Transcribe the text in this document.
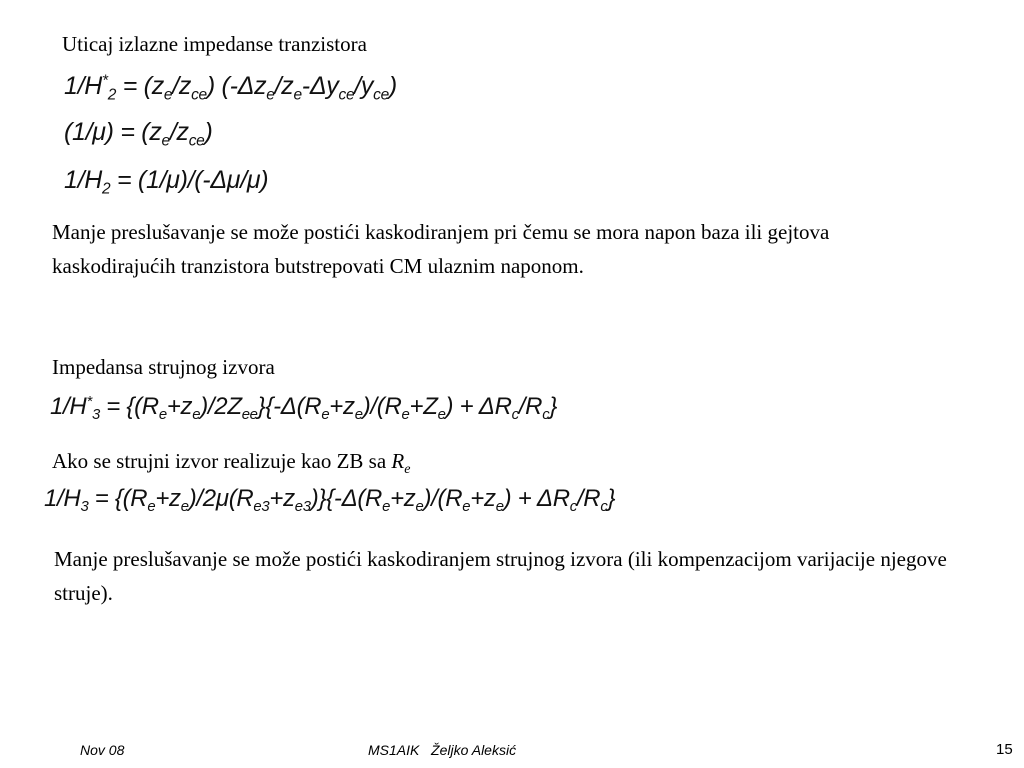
Uticaj izlazne impedanse tranzistora
$1/H^*_2 = (z_e/z_{ce})$ $(-\Delta z_e/z_e-\Delta y_{ce}/y_{ce})$
$(1/\mu) = (z_e/z_{ce})$
$1/H_2 = (1/\mu)/(-\Delta\mu/\mu)$
Manje preslušavanje se može postići kaskodiranjem pri čemu se mora napon baza ili gejtova kaskodirajućih tranzistora butstrepovati CM ulaznim naponom.
Impedansa strujnog izvora
$1/H^*_3 = \{(R_e+z_e)/2Z_{ee}\}\{-\Delta(R_e+z_e)/(R_e+Z_e) + \Delta R_c/R_c\}$
Ako se strujni izvor realizuje kao ZB sa $R_e$
$1/H_3 = \{(R_e+z_e)/2\mu(R_{e3}+z_{e3})\}\{-\Delta(R_e+z_e)/(R_e+z_e) + \Delta R_c/R_c\}$
Manje preslušavanje se može postići kaskodiranjem strujnog izvora (ili kompenzacijom varijacije njegove struje).
Nov 08	MS1AIK   Željko Aleksić	15
